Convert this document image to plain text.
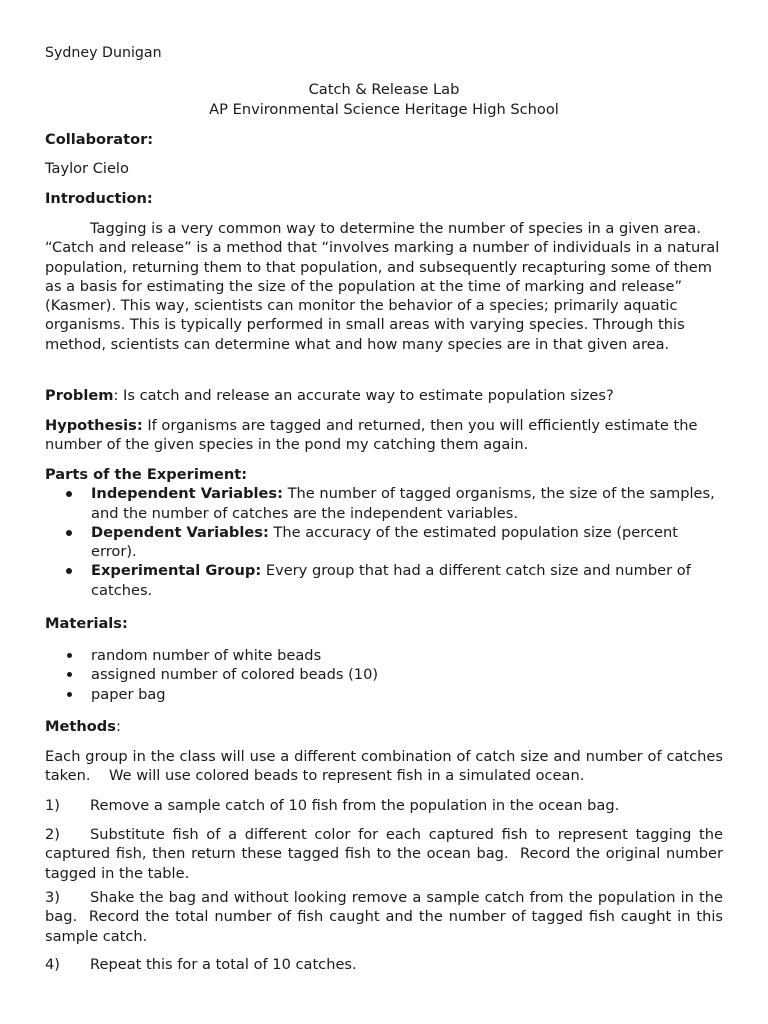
Sydney Dunigan
Catch & Release Lab
AP Environmental Science Heritage High School
Collaborator:
Taylor Cielo
Introduction:

Tagging is a very common way to determine the number of species in a given area. “Catch and release” is a method that “involves marking a number of individuals in a natural population, returning them to that population, and subsequently recapturing some of them as a basis for estimating the size of the population at the time of marking and release” (Kasmer). This way, scientists can monitor the behavior of a species; primarily aquatic organisms. This is typically performed in small areas with varying species. Through this method, scientists can determine what and how many species are in that given area.

Problem: Is catch and release an accurate way to estimate population sizes?

Hypothesis: If organisms are tagged and returned, then you will efficiently estimate the number of the given species in the pond my catching them again.

Parts of the Experiment:
Independent Variables: The number of tagged organisms, the size of the samples, and the number of catches are the independent variables.
Dependent Variables: The accuracy of the estimated population size (percent error).
Experimental Group: Every group that had a different catch size and number of catches.
Materials:
random number of white beads
assigned number of colored beads (10)
paper bag

Methods:

Each group in the class will use a different combination of catch size and number of catches taken.    We will use colored beads to represent fish in a simulated ocean.

1)	Remove a sample catch of 10 fish from the population in the ocean bag.
2) Substitute fish of a different color for each captured fish to represent tagging the captured fish, then return these tagged fish to the ocean bag.  Record the original number tagged in the table.
3) Shake the bag and without looking remove a sample catch from the population in the bag.  Record the total number of fish caught and the number of tagged fish caught in this sample catch.
4)	Repeat this for a total of 10 catches.
